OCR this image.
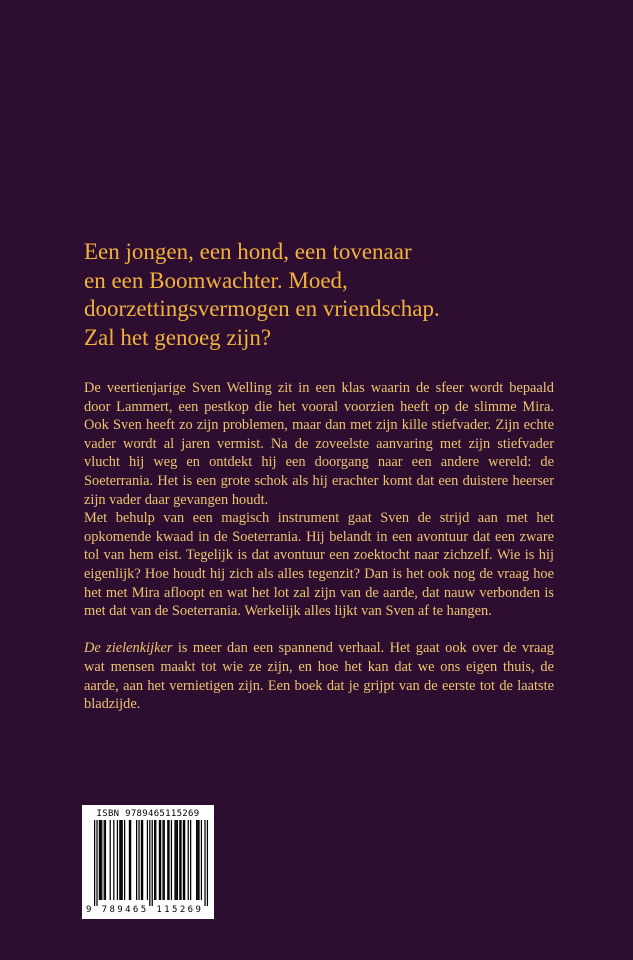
Een jongen, een hond, een tovenaar
en een Boomwachter. Moed,
doorzettingsvermogen en vriendschap.
Zal het genoeg zijn?

De veertienjarige Sven Welling zit in een klas waarin de sfeer wordt bepaald door Lammert, een pestkop die het vooral voorzien heeft op de slimme Mira. Ook Sven heeft zo zijn problemen, maar dan met zijn kille stiefvader. Zijn echte vader wordt al jaren vermist. Na de zoveelste aanvaring met zijn stiefvader vlucht hij weg en ontdekt hij een doorgang naar een andere wereld: de Soeterrania. Het is een grote schok als hij erachter komt dat een duistere heerser zijn vader daar gevangen houdt.

Met behulp van een magisch instrument gaat Sven de strijd aan met het opkomende kwaad in de Soeterrania. Hij belandt in een avontuur dat een zware tol van hem eist. Tegelijk is dat avontuur een zoektocht naar zichzelf. Wie is hij eigenlijk? Hoe houdt hij zich als alles tegenzit? Dan is het ook nog de vraag hoe het met Mira afloopt en wat het lot zal zijn van de aarde, dat nauw verbonden is met dat van de Soeterrania. Werkelijk alles lijkt van Sven af te hangen.

De zielenkijker is meer dan een spannend verhaal. Het gaat ook over de vraag wat mensen maakt tot wie ze zijn, en hoe het kan dat we ons eigen thuis, de aarde, aan het vernietigen zijn. Een boek dat je grijpt van de eerste tot de laatste bladzijde.

ISBN 9789465115269
9 789465 115269
